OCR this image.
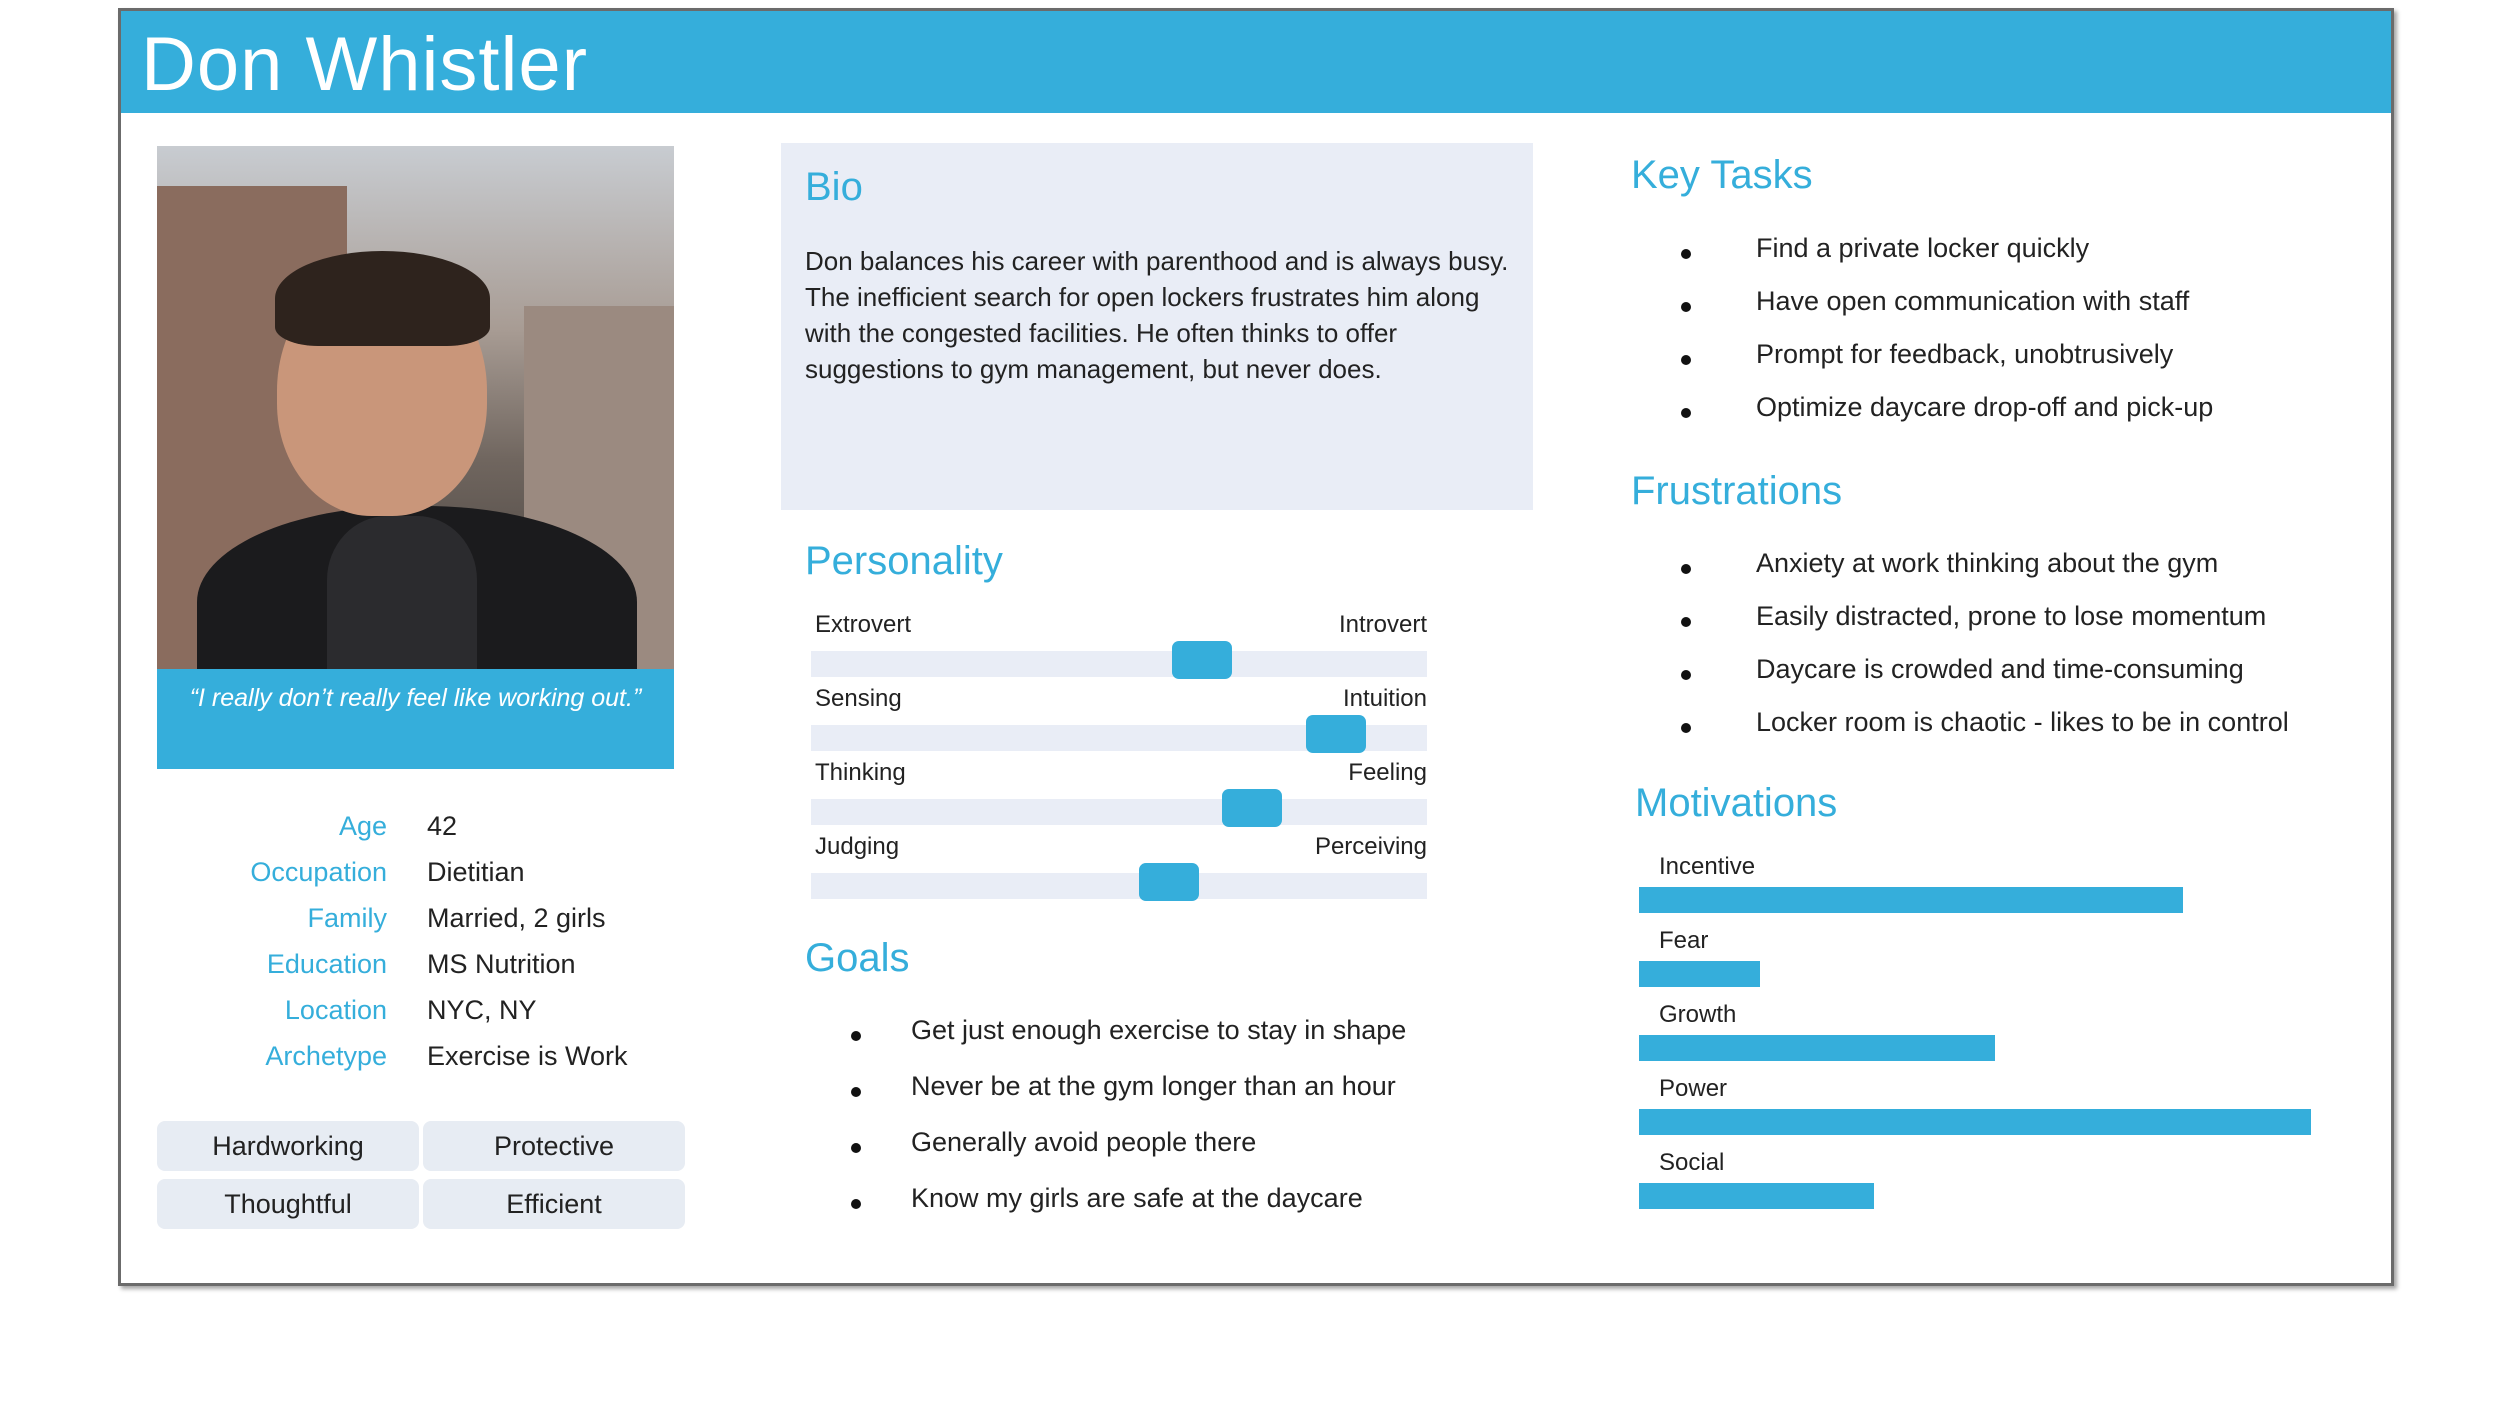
Don Whistler

“I really don’t really feel like working out.”

Age 42
Occupation Dietitian
Family Married, 2 girls
Education MS Nutrition
Location NYC, NY
Archetype Exercise is Work
Hardworking	Protective
Thoughtful	Efficient
Bio

Don balances his career with parenthood and is always busy. The inefficient search for open lockers frustrates him along with the congested facilities. He often thinks to offer suggestions to gym management, but never does.

Personality
Extrovert	Introvert
Sensing	Intuition
Thinking	Feeling
Judging	Perceiving
Goals
Get just enough exercise to stay in shape
Never be at the gym longer than an hour
Generally avoid people there
Know my girls are safe at the daycare
Key Tasks
Find a private locker quickly
Have open communication with staff
Prompt for feedback, unobtrusively
Optimize daycare drop-off and pick-up
Frustrations
Anxiety at work thinking about the gym
Easily distracted, prone to lose momentum
Daycare is crowded and time-consuming
Locker room is chaotic - likes to be in control
Motivations
Incentive
Fear
Growth
Power
Social
